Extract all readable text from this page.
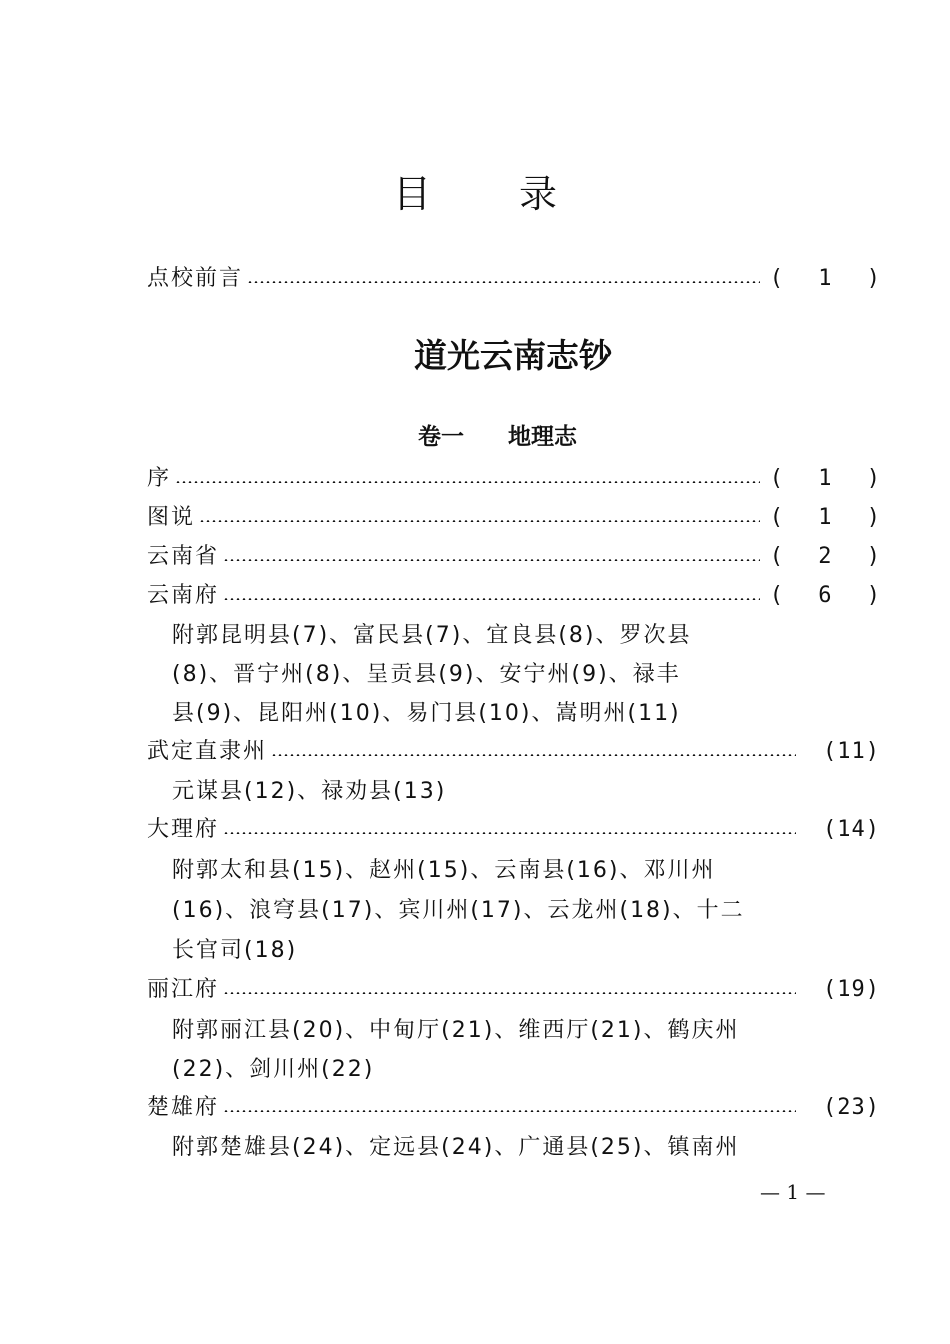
目录
点校前言	( 1 )
道光云南志钞
卷一 地理志
序	( 1 )
图说	( 1 )
云南省	( 2 )
云南府	( 6 )
附郭昆明县(7)、富民县(7)、宜良县(8)、罗次县
(8)、晋宁州(8)、呈贡县(9)、安宁州(9)、禄丰
县(9)、昆阳州(10)、易门县(10)、嵩明州(11)
武定直隶州	(11)
元谋县(12)、禄劝县(13)
大理府	(14)
附郭太和县(15)、赵州(15)、云南县(16)、邓川州
(16)、浪穹县(17)、宾川州(17)、云龙州(18)、十二
长官司(18)
丽江府	(19)
附郭丽江县(20)、中甸厅(21)、维西厅(21)、鹤庆州
(22)、剑川州(22)
楚雄府	(23)
附郭楚雄县(24)、定远县(24)、广通县(25)、镇南州
— 1 —
